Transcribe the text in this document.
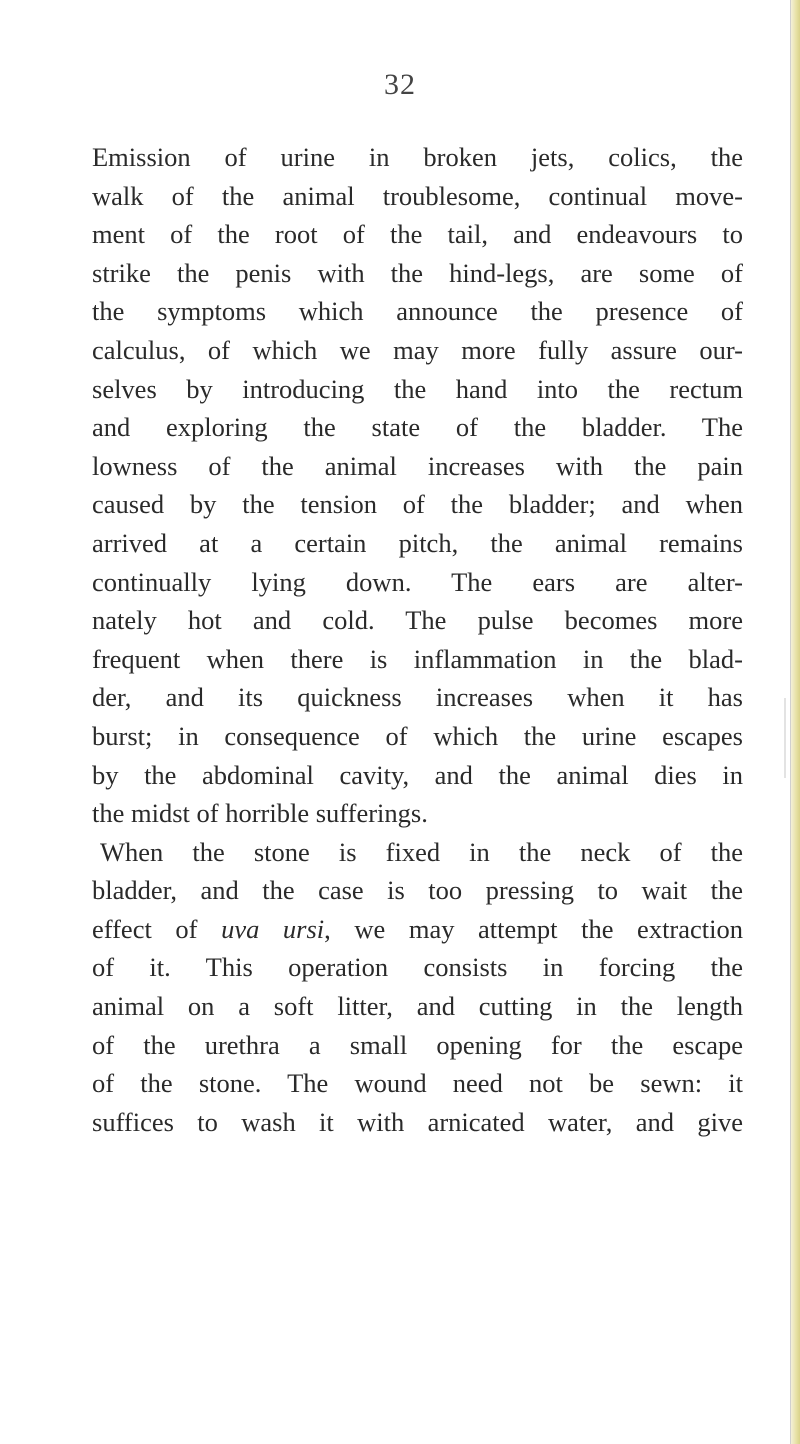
32
Emission of urine in broken jets, colics, the
walk of the animal troublesome, continual move-
ment of the root of the tail, and endeavours to
strike the penis with the hind-legs, are some of
the symptoms which announce the presence of
calculus, of which we may more fully assure our-
selves by introducing the hand into the rectum
and exploring the state of the bladder. The
lowness of the animal increases with the pain
caused by the tension of the bladder; and when
arrived at a certain pitch, the animal remains
continually lying down. The ears are alter-
nately hot and cold. The pulse becomes more
frequent when there is inflammation in the blad-
der, and its quickness increases when it has
burst; in consequence of which the urine escapes
by the abdominal cavity, and the animal dies in
the midst of horrible sufferings.
When the stone is fixed in the neck of the
bladder, and the case is too pressing to wait the
effect of uva ursi, we may attempt the extraction
of it. This operation consists in forcing the
animal on a soft litter, and cutting in the length
of the urethra a small opening for the escape
of the stone. The wound need not be sewn: it
suffices to wash it with arnicated water, and give
